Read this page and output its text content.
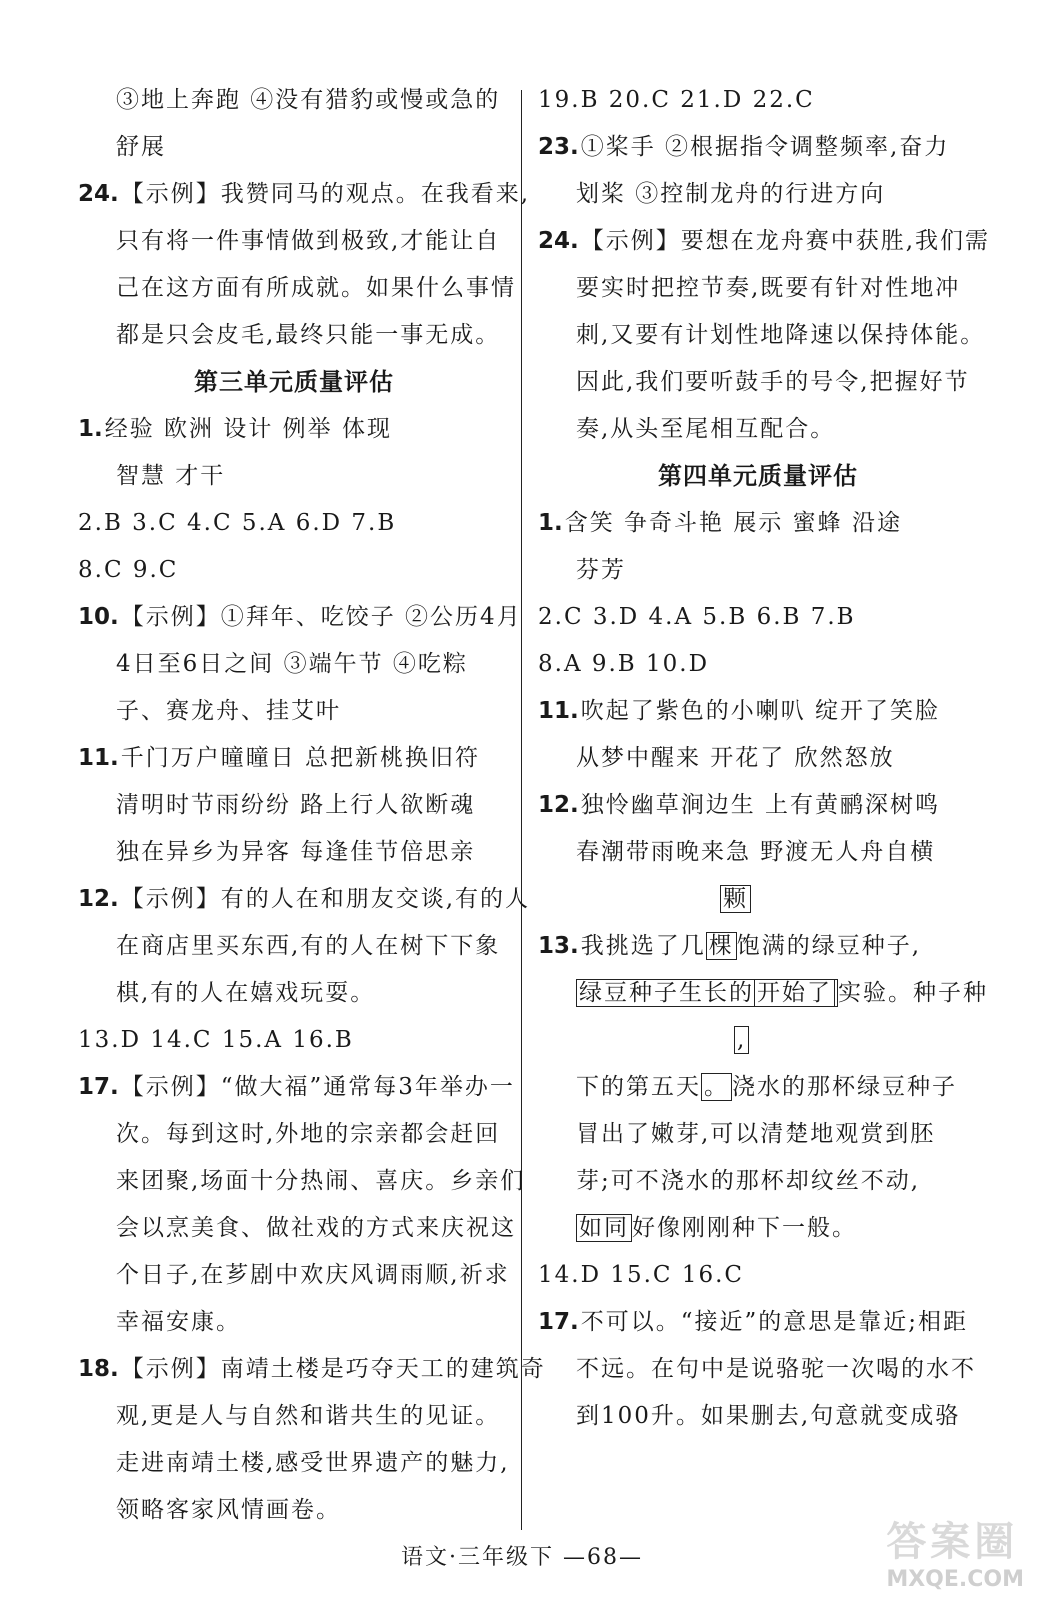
③地上奔跑 ④没有猎豹或慢或急的
舒展
24.【示例】我赞同马的观点。在我看来,
只有将一件事情做到极致,才能让自
己在这方面有所成就。如果什么事情
都是只会皮毛,最终只能一事无成。
第三单元质量评估
1.经验 欧洲 设计 例举 体现
智慧 才干
2.B 3.C 4.C 5.A 6.D 7.B
8.C 9.C
10.【示例】①拜年、吃饺子 ②公历4月
4日至6日之间 ③端午节 ④吃粽
子、赛龙舟、挂艾叶
11.千门万户曈曈日 总把新桃换旧符
清明时节雨纷纷 路上行人欲断魂
独在异乡为异客 每逢佳节倍思亲
12.【示例】有的人在和朋友交谈,有的人
在商店里买东西,有的人在树下下象
棋,有的人在嬉戏玩耍。
13.D 14.C 15.A 16.B
17.【示例】“做大福”通常每3年举办一
次。每到这时,外地的宗亲都会赶回
来团聚,场面十分热闹、喜庆。乡亲们
会以烹美食、做社戏的方式来庆祝这
个日子,在芗剧中欢庆风调雨顺,祈求
幸福安康。
18.【示例】南靖土楼是巧夺天工的建筑奇
观,更是人与自然和谐共生的见证。
走进南靖土楼,感受世界遗产的魅力,
领略客家风情画卷。
19.B 20.C 21.D 22.C
23.①桨手 ②根据指令调整频率,奋力
划桨 ③控制龙舟的行进方向
24.【示例】要想在龙舟赛中获胜,我们需
要实时把控节奏,既要有针对性地冲
刺,又要有计划性地降速以保持体能。
因此,我们要听鼓手的号令,把握好节
奏,从头至尾相互配合。
第四单元质量评估
1.含笑 争奇斗艳 展示 蜜蜂 沿途
芬芳
2.C 3.D 4.A 5.B 6.B 7.B
8.A 9.B 10.D
11.吹起了紫色的小喇叭 绽开了笑脸
从梦中醒来 开花了 欣然怒放
12.独怜幽草涧边生 上有黄鹂深树鸣
春潮带雨晚来急 野渡无人舟自横
颗
13.我挑选了几 棵 饱满的绿豆种子,
绿豆种子生长的 开始了 实验。种子种
,
下的第五天 。 浇水的那杯绿豆种子
冒出了嫩芽,可以清楚地观赏到胚
芽;可不浇水的那杯却纹丝不动,
如同 好像刚刚种下一般。
14.D 15.C 16.C
17.不可以。“接近”的意思是靠近;相距
不远。在句中是说骆驼一次喝的水不
到100升。如果删去,句意就变成骆
语文·三年级下 —68—	答案圈
MXQE.COM
